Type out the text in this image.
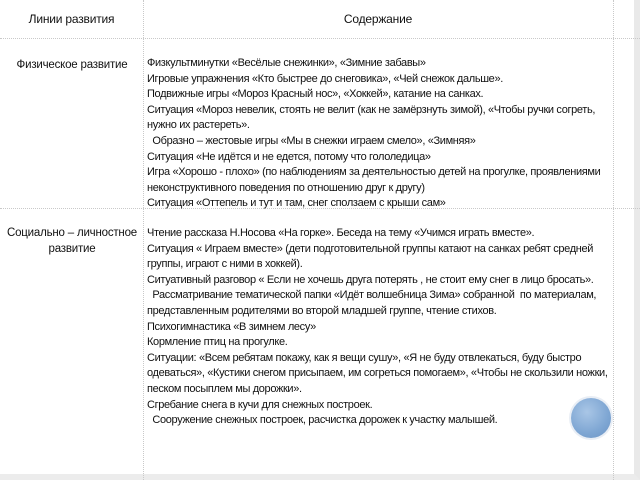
Линии развития	Содержание
Физическое развитие	Физкультминутки «Весёлые снежинки», «Зимние забавы»
Игровые упражнения «Кто быстрее до снеговика», «Чей снежок дальше».
Подвижные игры «Мороз Красный нос», «Хоккей», катание на санках.
Ситуация «Мороз невелик, стоять не велит (как не замёрзнуть зимой), «Чтобы ручки согреть, нужно их растереть».
Образно – жестовые игры «Мы в снежки играем смело», «Зимняя»
Ситуация «Не идётся и не едется, потому что гололедица»
Игра «Хорошо - плохо» (по наблюдениям за деятельностью детей на прогулке, проявлениями неконструктивного поведения по отношению друг к другу)
Ситуация «Оттепель и тут и там, снег сползаем с крыши сам»
Социально – личностное развитие
Чтение рассказа Н.Носова «На горке». Беседа на тему «Учимся играть вместе».
Ситуация « Играем вместе» (дети подготовительной группы катают на санках ребят средней группы, играют с ними в хоккей).
Ситуативный разговор « Если не хочешь друга потерять , не стоит ему снег в лицо бросать».
Рассматривание тематической папки «Идёт волшебница Зима» собранной  по материалам, представленным родителями во второй младшей группе, чтение стихов.
Психогимнастика «В зимнем лесу»
Кормление птиц на прогулке.
Ситуации: «Всем ребятам покажу, как я вещи сушу», «Я не буду отвлекаться, буду быстро одеваться», «Кустики снегом присыпаем, им согреться помогаем», «Чтобы не скользили ножки, песком посыплем мы дорожки».
Сгребание снега в кучи для снежных построек.
Сооружение снежных построек, расчистка дорожек к участку малышей.
